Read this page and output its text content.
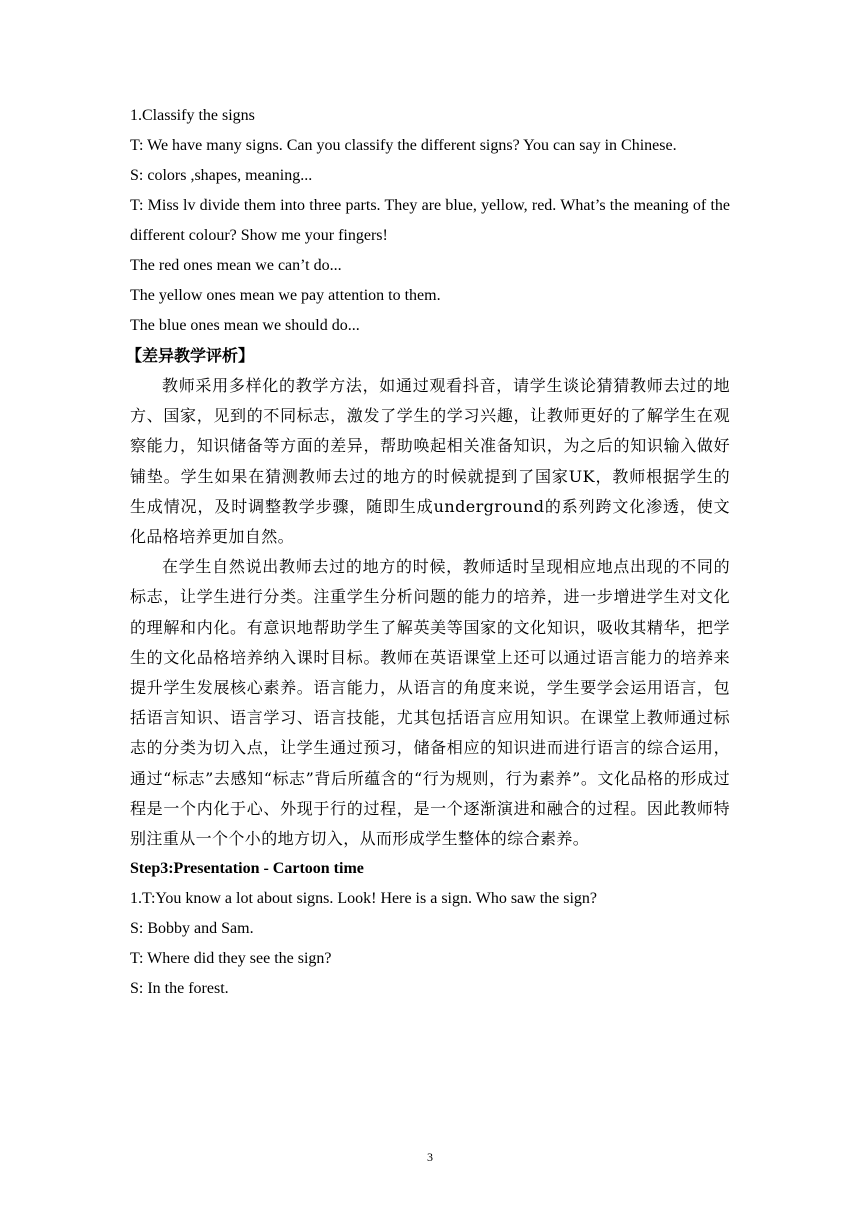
1.Classify the signs
T: We have many signs. Can you classify the different signs? You can say in Chinese.
S: colors ,shapes, meaning...
T: Miss lv divide them into three parts. They are blue, yellow, red. What’s the meaning of the different colour? Show me your fingers!
The red ones mean we can’t do...
The yellow ones mean we pay attention to them.
The blue ones mean we should do...
【差异教学评析】
教师采用多样化的教学方法，如通过观看抖音，请学生谈论猜猜教师去过的地方、国家，见到的不同标志，激发了学生的学习兴趣，让教师更好的了解学生在观察能力，知识储备等方面的差异，帮助唤起相关准备知识，为之后的知识输入做好铺垫。学生如果在猜测教师去过的地方的时候就提到了国家UK，教师根据学生的生成情况，及时调整教学步骤，随即生成underground的系列跨文化渗透，使文化品格培养更加自然。
在学生自然说出教师去过的地方的时候，教师适时呈现相应地点出现的不同的标志，让学生进行分类。注重学生分析问题的能力的培养，进一步增进学生对文化的理解和内化。有意识地帮助学生了解英美等国家的文化知识，吸收其精华，把学生的文化品格培养纳入课时目标。教师在英语课堂上还可以通过语言能力的培养来提升学生发展核心素养。语言能力，从语言的角度来说，学生要学会运用语言，包括语言知识、语言学习、语言技能，尤其包括语言应用知识。在课堂上教师通过标志的分类为切入点，让学生通过预习，储备相应的知识进而进行语言的综合运用，通过“标志”去感知“标志”背后所蕴含的“行为规则，行为素养”。文化品格的形成过程是一个内化于心、外现于行的过程，是一个逐渐演进和融合的过程。因此教师特别注重从一个个小的地方切入，从而形成学生整体的综合素养。
Step3:Presentation - Cartoon time
1.T:You know a lot about signs. Look! Here is a sign. Who saw the sign?
S: Bobby and Sam.
T: Where did they see the sign?
S: In the forest.
3
